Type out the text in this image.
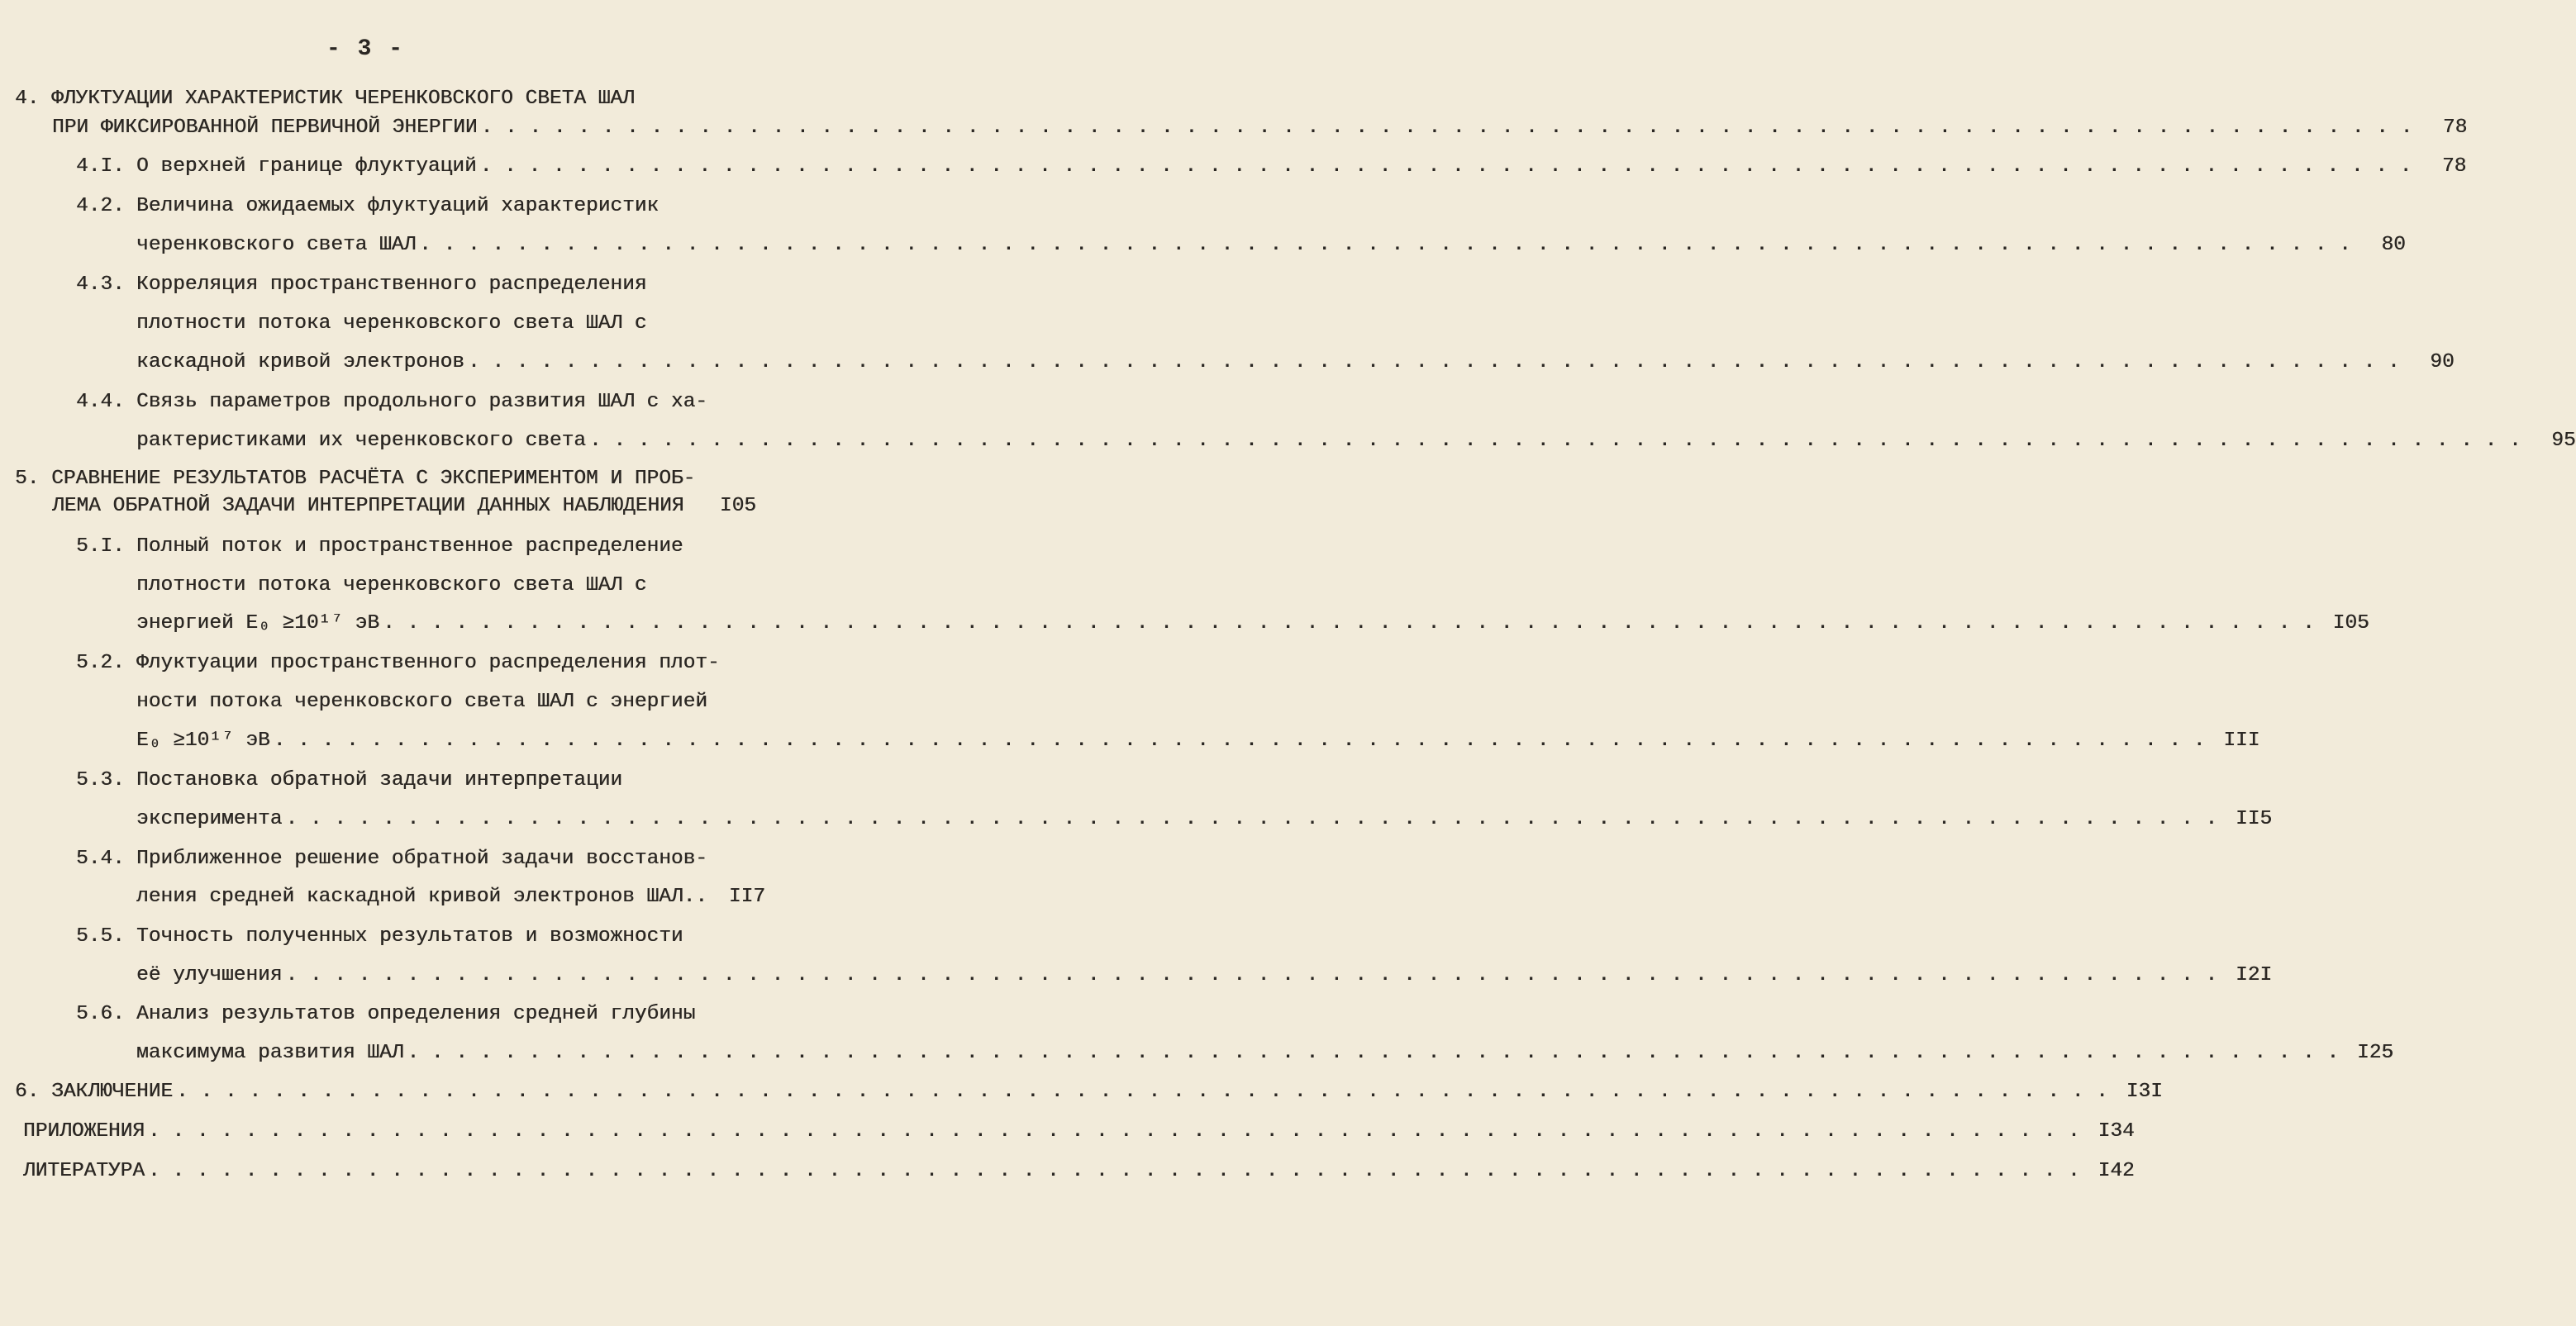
- 3 -
4. ФЛУКТУАЦИИ ХАРАКТЕРИСТИК ЧЕРЕНКОВСКОГО СВЕТА ШАЛ
ПРИ ФИКСИРОВАННОЙ ПЕРВИЧНОЙ ЭНЕРГИИ . . . . . . . . . . . . . . . . . . . . . . . . . . . . . . . . . . . . . . . . . . . . . . . . . . . . . . . . . . . . . . . . . . . . . . . . . . . . . . . .	78
4.I. О верхней границе флуктуаций . . . . . . . . . . . . . . . . . . . . . . . . . . . . . . . . . . . . . . . . . . . . . . . . . . . . . . . . . . . . . . . . . . . . . . . . . . . . . . . .	78
4.2. Величина ожидаемых флуктуаций характеристик
черенковского света ШАЛ . . . . . . . . . . . . . . . . . . . . . . . . . . . . . . . . . . . . . . . . . . . . . . . . . . . . . . . . . . . . . . . . . . . . . . . . . . . . . . . .	80
4.3. Корреляция пространственного распределения
плотности потока черенковского света ШАЛ с
каскадной кривой электронов . . . . . . . . . . . . . . . . . . . . . . . . . . . . . . . . . . . . . . . . . . . . . . . . . . . . . . . . . . . . . . . . . . . . . . . . . . . . . . . .	90
4.4. Связь параметров продольного развития ШАЛ с ха-
рактеристиками их черенковского света . . . . . . . . . . . . . . . . . . . . . . . . . . . . . . . . . . . . . . . . . . . . . . . . . . . . . . . . . . . . . . . . . . . . . . . . . . . . . . . .	95
5. СРАВНЕНИЕ РЕЗУЛЬТАТОВ РАСЧЁТА С ЭКСПЕРИМЕНТОМ И ПРОБ-
ЛЕМА ОБРАТНОЙ ЗАДАЧИ ИНТЕРПРЕТАЦИИ ДАННЫХ НАБЛЮДЕНИЯ	I05
5.I. Полный поток и пространственное распределение
плотности потока черенковского света ШАЛ с
энергией E₀ ≥10¹⁷ эВ . . . . . . . . . . . . . . . . . . . . . . . . . . . . . . . . . . . . . . . . . . . . . . . . . . . . . . . . . . . . . . . . . . . . . . . . . . . . . . . . I05
5.2. Флуктуации пространственного распределения плот-
ности потока черенковского света ШАЛ с энергией
E₀ ≥10¹⁷ эВ . . . . . . . . . . . . . . . . . . . . . . . . . . . . . . . . . . . . . . . . . . . . . . . . . . . . . . . . . . . . . . . . . . . . . . . . . . . . . . . . III
5.3. Постановка обратной задачи интерпретации
эксперимента . . . . . . . . . . . . . . . . . . . . . . . . . . . . . . . . . . . . . . . . . . . . . . . . . . . . . . . . . . . . . . . . . . . . . . . . . . . . . . . . II5
5.4. Приближенное решение обратной задачи восстанов-
ления средней каскадной кривой электронов ШАЛ..	II7
5.5. Точность полученных результатов и возможности
её улучшения . . . . . . . . . . . . . . . . . . . . . . . . . . . . . . . . . . . . . . . . . . . . . . . . . . . . . . . . . . . . . . . . . . . . . . . . . . . . . . . . I2I
5.6. Анализ результатов определения средней глубины
максимума развития ШАЛ . . . . . . . . . . . . . . . . . . . . . . . . . . . . . . . . . . . . . . . . . . . . . . . . . . . . . . . . . . . . . . . . . . . . . . . . . . . . . . . . I25
6. ЗАКЛЮЧЕНИЕ . . . . . . . . . . . . . . . . . . . . . . . . . . . . . . . . . . . . . . . . . . . . . . . . . . . . . . . . . . . . . . . . . . . . . . . . . . . . . . . . I3I
ПРИЛОЖЕНИЯ . . . . . . . . . . . . . . . . . . . . . . . . . . . . . . . . . . . . . . . . . . . . . . . . . . . . . . . . . . . . . . . . . . . . . . . . . . . . . . . . I34
ЛИТЕРАТУРА . . . . . . . . . . . . . . . . . . . . . . . . . . . . . . . . . . . . . . . . . . . . . . . . . . . . . . . . . . . . . . . . . . . . . . . . . . . . . . . . I42
